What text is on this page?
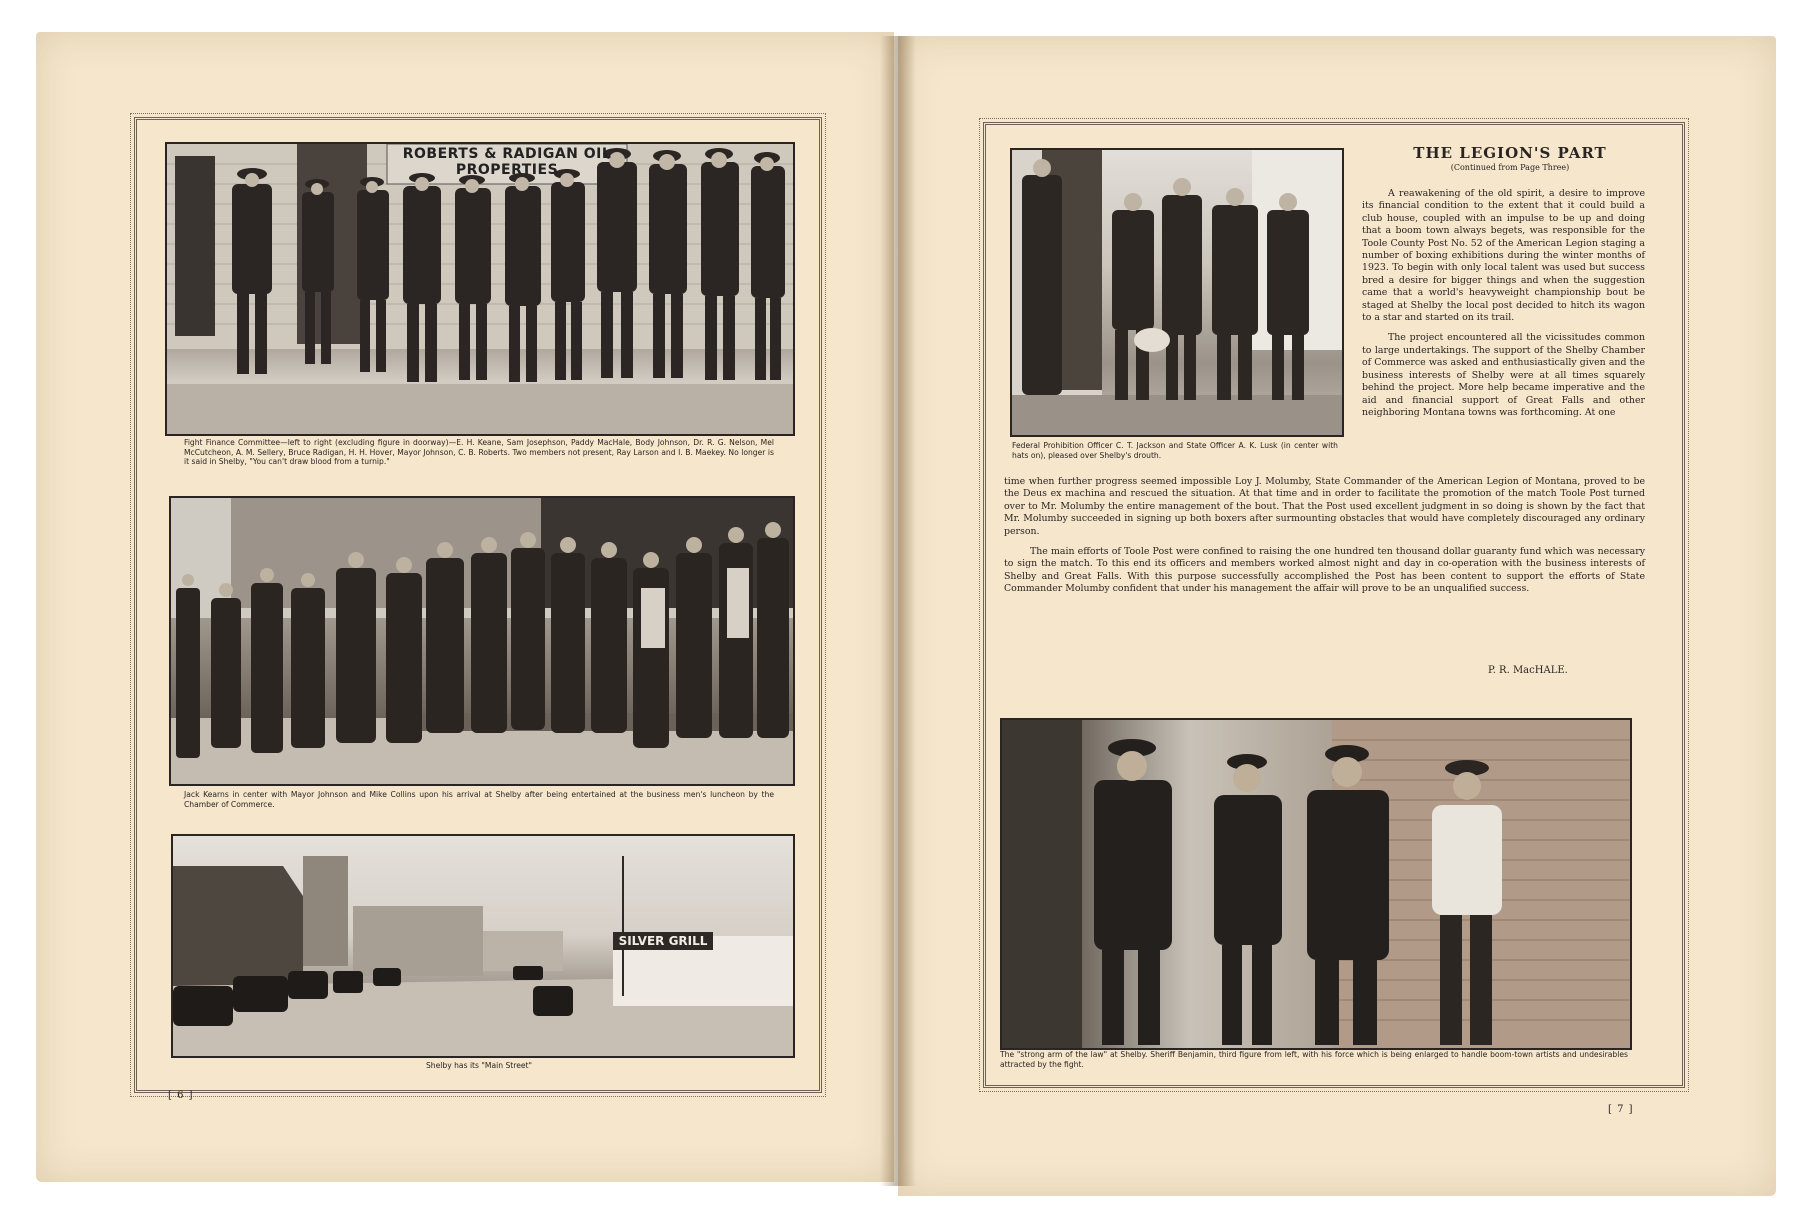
ROBERTS & RADIGAN OIL PROPERTIES
Fight Finance Committee—left to right (excluding figure in doorway)—E. H. Keane, Sam Josephson, Paddy MacHale, Body Johnson, Dr. R. G. Nelson, Mel McCutcheon, A. M. Sellery, Bruce Radigan, H. H. Hover, Mayor Johnson, C. B. Roberts. Two members not present, Ray Larson and I. B. Maekey. No longer is it said in Shelby, "You can't draw blood from a turnip."
Jack Kearns in center with Mayor Johnson and Mike Collins upon his arrival at Shelby after being entertained at the business men's luncheon by the Chamber of Commerce.
SILVER GRILL
Shelby has its "Main Street"
[ 6 ]
Federal Prohibition Officer C. T. Jackson and State Officer A. K. Lusk (in center with hats on), pleased over Shelby's drouth.
THE LEGION'S PART
(Continued from Page Three)

A reawakening of the old spirit, a desire to improve its financial condition to the extent that it could build a club house, coupled with an impulse to be up and doing that a boom town always begets, was responsible for the Toole County Post No. 52 of the American Legion staging a number of boxing exhibitions during the winter months of 1923. To begin with only local talent was used but success bred a desire for bigger things and when the suggestion came that a world's heavyweight championship bout be staged at Shelby the local post decided to hitch its wagon to a star and started on its trail.

The project encountered all the vicissitudes common to large undertakings. The support of the Shelby Chamber of Commerce was asked and enthusiastically given and the business interests of Shelby were at all times squarely behind the project. More help became imperative and the aid and financial support of Great Falls and other neighboring Montana towns was forthcoming. At one

time when further progress seemed impossible Loy J. Molumby, State Commander of the American Legion of Montana, proved to be the Deus ex machina and rescued the situation. At that time and in order to facilitate the promotion of the match Toole Post turned over to Mr. Molumby the entire management of the bout. That the Post used excellent judgment in so doing is shown by the fact that Mr. Molumby succeeded in signing up both boxers after surmounting obstacles that would have completely discouraged any ordinary person.

The main efforts of Toole Post were confined to raising the one hundred ten thousand dollar guaranty fund which was necessary to sign the match. To this end its officers and members worked almost night and day in co-operation with the business interests of Shelby and Great Falls. With this purpose successfully accomplished the Post has been content to support the efforts of State Commander Molumby confident that under his management the affair will prove to be an unqualified success.

P. R. MacHALE.
The "strong arm of the law" at Shelby. Sheriff Benjamin, third figure from left, with his force which is being enlarged to handle boom-town artists and undesirables attracted by the fight.
[ 7 ]
